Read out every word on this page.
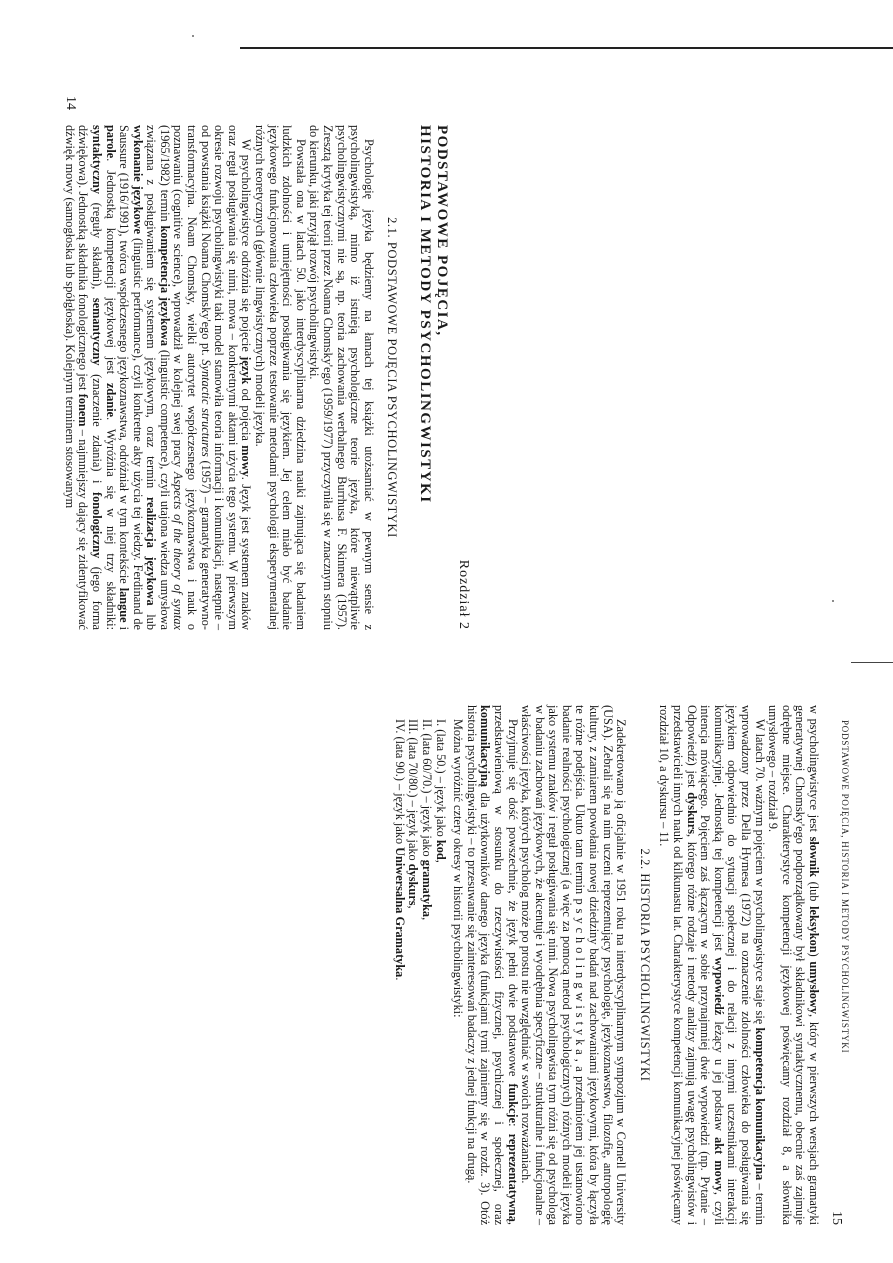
14
15
PODSTAWOWE POJĘCIA, HISTORIA I METODY PSYCHOLINGWISTYKI
Rozdział 2
PODSTAWOWE POJĘCIA,
HISTORIA I METODY PSYCHOLINGWISTYKI
2.1. PODSTAWOWE POJĘCIA PSYCHOLINGWISTYKI

Psychologię języka będziemy na łamach tej książki utożsamiać w pewnym sensie z psycholingwistyką, mimo iż istnieją psychologiczne teorie języka, które niewątpliwie psycholingwistycznymi nie są, np. teoria zachowania werbalnego Burrhusa F. Skinnera (1957). Zresztą krytyka tej teorii przez Noama Chomsky'ego (1959/1977) przyczyniła się w znacznym stopniu do kierunku, jaki przyjął rozwój psycholingwistyki.

Powstała ona w latach 50. jako interdyscyplinarna dziedzina nauki zajmująca się badaniem ludzkich zdolności i umiejętności posługiwania się językiem. Jej celem miało być badanie językowego funkcjonowania człowieka poprzez testowanie metodami psychologii eksperymentalnej różnych teoretycznych (głównie lingwistycznych) modeli języka.

W psycholingwistyce odróżnia się pojęcie język od pojęcia mowy. Język jest systemem znaków oraz reguł posługiwania się nimi, mowa – konkretnymi aktami użycia tego systemu. W pierwszym okresie rozwoju psycholingwistyki taki model stanowiła teoria informacji i komunikacji, następnie – od powstania książki Noama Chomsky'ego pt. Syntactic structures (1957) – gramatyka generatywno-transformacyjna. Noam Chomsky, wielki autorytet współczesnego językoznawstwa i nauk o poznawaniu (cognitive science), wprowadził w kolejnej swej pracy Aspects of the theory of syntax (1965/1982) termin kompetencja językowa (linguistic competence), czyli utajona wiedza umysłowa związana z posługiwaniem się systemem językowym, oraz termin realizacja językowa lub wykonanie językowe (linguistic performance), czyli konkretne akty użycia tej wiedzy. Ferdinand de Saussure (1916/1991), twórca współczesnego językoznawstwa, odróżniał w tym kontekście langue i parole. Jednostką kompetencji językowej jest zdanie. Wyróżnia się w niej trzy składniki: syntaktyczny (reguły składni), semantyczny (znaczenie zdania) i fonologiczny (jego forma dźwiękowa). Jednostką składnika fonologicznego jest fonem – najmniejszy dający się zidentyfikować dźwięk mowy (samogłoska lub spółgłoska). Kolejnym terminem stosowanym

w psycholingwistyce jest słownik (lub leksykon) umysłowy, który w pierwszych wersjach gramatyki generatywnej Chomsky'ego podporządkowany był składnikowi syntaktycznemu, obecnie zaś zajmuje odrębne miejsce. Charakterystyce kompetencji językowej poświęcamy rozdział 8, a słownika umysłowego – rozdział 9.

W latach 70. ważnym pojęciem w psycholingwistyce staje się kompetencja komunikacyjna – termin wprowadzony przez Della Hymesa (1972) na oznaczenie zdolności człowieka do posługiwania się językiem odpowiednio do sytuacji społecznej i do relacji z innymi uczestnikami interakcji komunikacyjnej. Jednostką tej kompetencji jest wypowiedź leżący u jej podstaw akt mowy, czyli intencja mówiącego. Pojęciem zaś łączącym w sobie przynajmniej dwie wypowiedzi (np. Pytanie – Odpowiedź) jest dyskurs, którego różne rodzaje i metody analizy zajmują uwagę psycholingwistów i przedstawicieli innych nauk od kilkunastu lat. Charakterystyce kompetencji komunikacyjnej poświęcamy rozdział 10, a dyskursu – 11.

2.2. HISTORIA PSYCHOLINGWISTYKI

Zadekretowano ją oficjalnie w 1951 roku na interdyscyplinarnym sympozjum w Cornell University (USA). Zebrali się na nim uczeni reprezentujący psychologię, językoznawstwo, filozofię, antropologię kultury, z zamiarem powołania nowej dziedziny badań nad zachowaniami językowymi, która by łączyła te różne podejścia. Ukuto tam termin psycholingwistyka, a przedmiotem jej ustanowiono badanie realności psychologicznej (a więc za pomocą metod psychologicznych) różnych modeli języka jako systemu znaków i reguł posługiwania się nimi. Nowa psycholingwista tym różni się od psychologa w badaniu zachowań językowych, że akcentuje i wyodrębnia specyficzne – strukturalne i funkcjonalne – właściwości języka, których psycholog może po prostu nie uwzględniać w swoich rozważaniach.

Przyjmuje się dość powszechnie, że język pełni dwie podstawowe funkcje: reprezentatywną, przedstawieniową w stosunku do rzeczywistości fizycznej, psychicznej i społecznej, oraz komunikacyjną dla użytkowników danego języka (funkcjami tymi zajmiemy się w rozdz. 3). Otóż historia psycholingwistyki – to przesuwanie się zainteresowań badaczy z jednej funkcji na drugą.

Można wyróżnić cztery okresy w historii psycholingwistyki:

I. (lata 50.) – język jako kod,
II. (lata 60/70.) – język jako gramatyka,
III. (lata 70/80.) – język jako dyskurs,
IV. (lata 90.) – język jako Uniwersalna Gramatyka.
